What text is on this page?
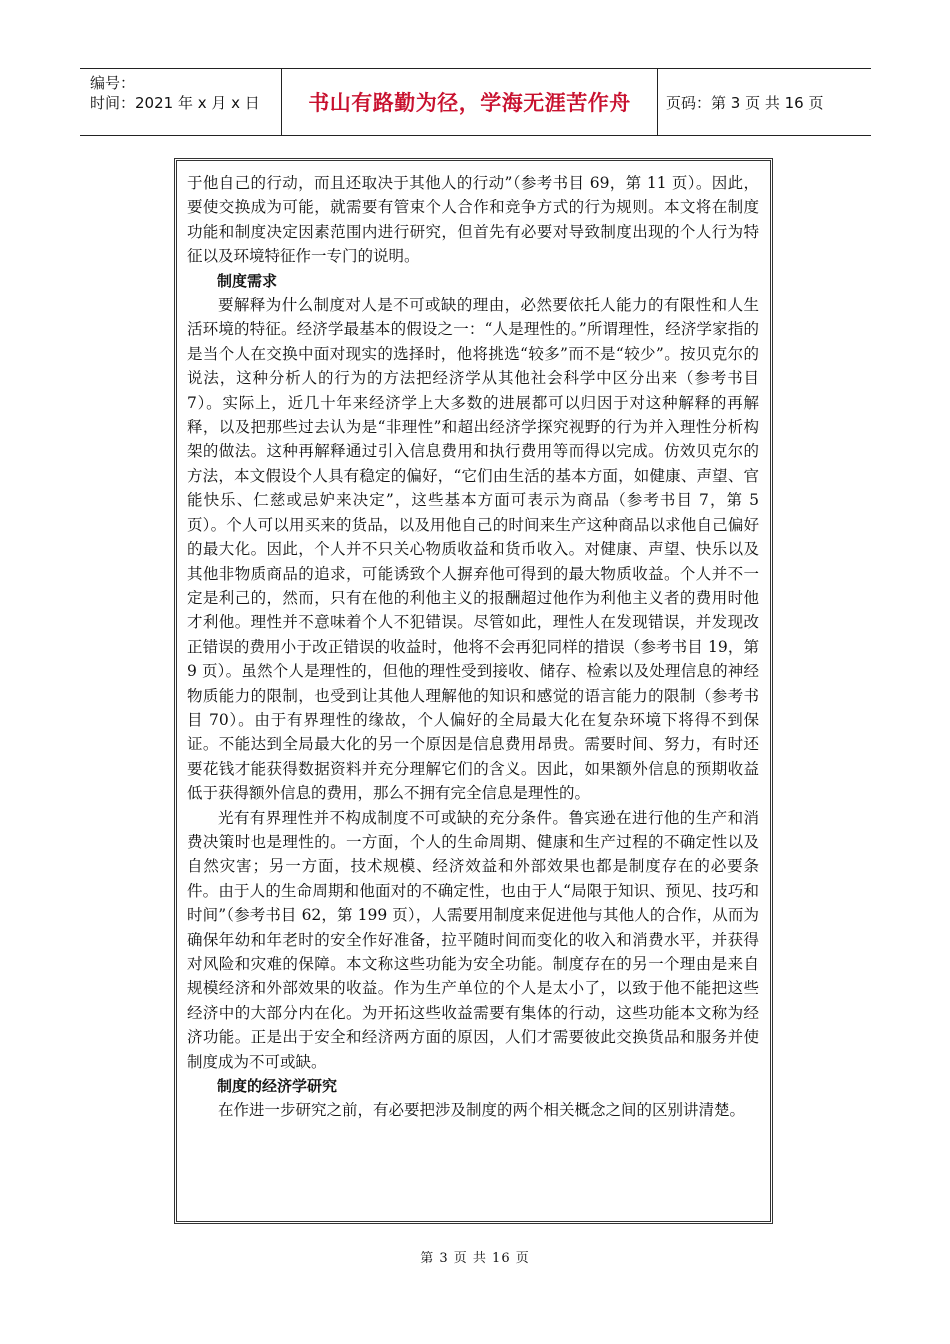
编号：
时间：2021 年 x 月 x 日	书山有路勤为径，学海无涯苦作舟	页码：第 3 页 共 16 页

于他自己的行动，而且还取决于其他人的行动”（参考书目 69，第 11 页）。因此，要使交换成为可能，就需要有管束个人合作和竞争方式的行为规则。本文将在制度功能和制度决定因素范围内进行研究，但首先有必要对导致制度出现的个人行为特征以及环境特征作一专门的说明。

制度需求

要解释为什么制度对人是不可或缺的理由，必然要依托人能力的有限性和人生活环境的特征。经济学最基本的假设之一：“人是理性的。”所谓理性，经济学家指的是当个人在交换中面对现实的选择时，他将挑选“较多”而不是“较少”。按贝克尔的说法，这种分析人的行为的方法把经济学从其他社会科学中区分出来（参考书目 7）。实际上，近几十年来经济学上大多数的进展都可以归因于对这种解释的再解释，以及把那些过去认为是“非理性”和超出经济学探究视野的行为并入理性分析构架的做法。这种再解释通过引入信息费用和执行费用等而得以完成。仿效贝克尔的方法，本文假设个人具有稳定的偏好，“它们由生活的基本方面，如健康、声望、官能快乐、仁慈或忌妒来决定”，这些基本方面可表示为商品（参考书目 7，第 5 页）。个人可以用买来的货品，以及用他自己的时间来生产这种商品以求他自己偏好的最大化。因此，个人并不只关心物质收益和货币收入。对健康、声望、快乐以及其他非物质商品的追求，可能诱致个人摒弃他可得到的最大物质收益。个人并不一定是利己的，然而，只有在他的利他主义的报酬超过他作为利他主义者的费用时他才利他。理性并不意味着个人不犯错误。尽管如此，理性人在发现错误，并发现改正错误的费用小于改正错误的收益时，他将不会再犯同样的措误（参考书目 19，第 9 页）。虽然个人是理性的，但他的理性受到接收、储存、检索以及处理信息的神经物质能力的限制，也受到让其他人理解他的知识和感觉的语言能力的限制（参考书目 70）。由于有界理性的缘故，个人偏好的全局最大化在复杂环境下将得不到保证。不能达到全局最大化的另一个原因是信息费用昂贵。需要时间、努力，有时还要花钱才能获得数据资料并充分理解它们的含义。因此，如果额外信息的预期收益低于获得额外信息的费用，那么不拥有完全信息是理性的。

光有有界理性并不构成制度不可或缺的充分条件。鲁宾逊在进行他的生产和消费决策时也是理性的。一方面，个人的生命周期、健康和生产过程的不确定性以及自然灾害；另一方面，技术规模、经济效益和外部效果也都是制度存在的必要条件。由于人的生命周期和他面对的不确定性，也由于人“局限于知识、预见、技巧和时间”（参考书目 62，第 199 页），人需要用制度来促进他与其他人的合作，从而为确保年幼和年老时的安全作好准备，拉平随时间而变化的收入和消费水平，并获得对风险和灾难的保障。本文称这些功能为安全功能。制度存在的另一个理由是来自规模经济和外部效果的收益。作为生产单位的个人是太小了，以致于他不能把这些经济中的大部分内在化。为开拓这些收益需要有集体的行动，这些功能本文称为经济功能。正是出于安全和经济两方面的原因，人们才需要彼此交换货品和服务并使制度成为不可或缺。

制度的经济学研究

在作进一步研究之前，有必要把涉及制度的两个相关概念之间的区别讲清楚。

第 3 页 共 16 页
